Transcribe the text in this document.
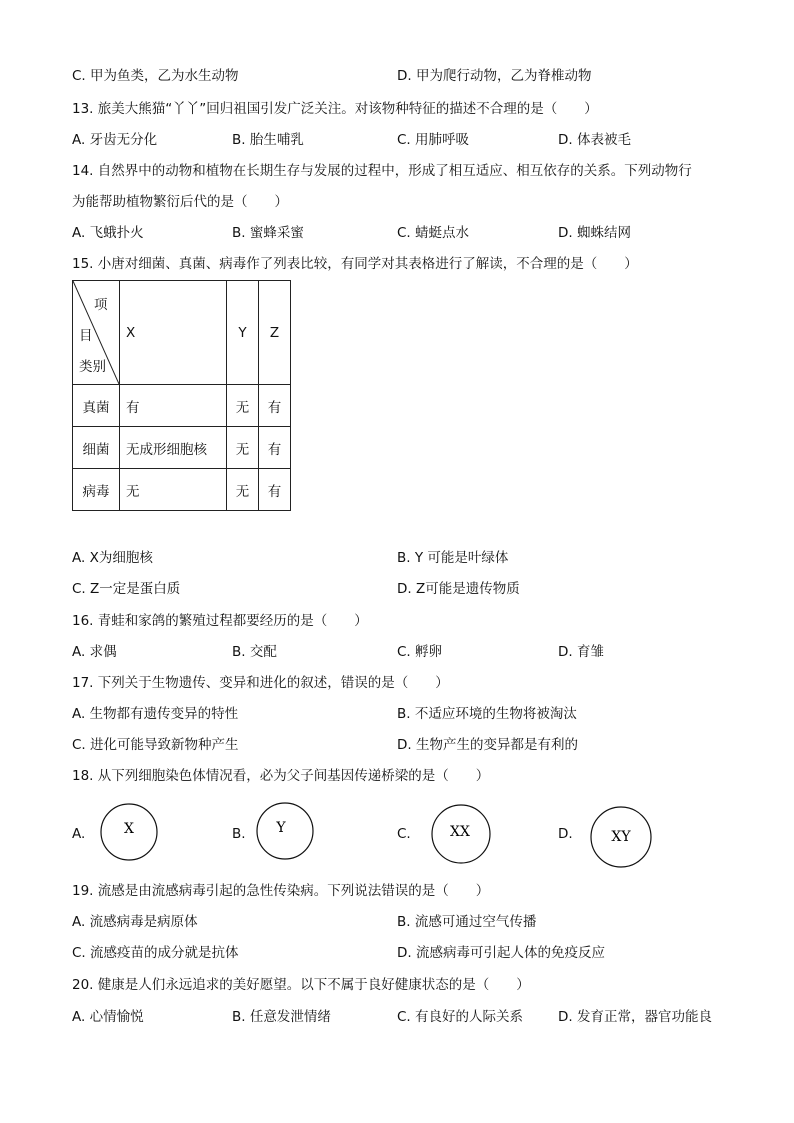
C. 甲为鱼类，乙为水生动物	D. 甲为爬行动物，乙为脊椎动物
13. 旅美大熊猫“丫丫”回归祖国引发广泛关注。对该物种特征的描述不合理的是（　　）
A. 牙齿无分化	B. 胎生哺乳	C. 用肺呼吸	D. 体表被毛
14. 自然界中的动物和植物在长期生存与发展的过程中，形成了相互适应、相互依存的关系。下列动物行
为能帮助植物繁衍后代的是（　　）
A. 飞蛾扑火	B. 蜜蜂采蜜	C. 蜻蜓点水	D. 蜘蛛结网
15. 小唐对细菌、真菌、病毒作了列表比较，有同学对其表格进行了解读，不合理的是（　　）
项
目
类别	X	Y	Z
真菌	有	无	有
细菌	无成形细胞核	无	有
病毒	无	无	有
A. X为细胞核	B. Y 可能是叶绿体
C. Z一定是蛋白质	D. Z可能是遗传物质
16. 青蛙和家鸽的繁殖过程都要经历的是（　　）
A. 求偶	B. 交配	C. 孵卵	D. 育雏
17. 下列关于生物遗传、变异和进化的叙述，错误的是（　　）
A. 生物都有遗传变异的特性	B. 不适应环境的生物将被淘汰
C. 进化可能导致新物种产生	D. 生物产生的变异都是有利的
18. 从下列细胞染色体情况看，必为父子间基因传递桥梁的是（　　）
A.	X	B. Y	C.	XX	D.	XY
19. 流感是由流感病毒引起的急性传染病。下列说法错误的是（　　）
A. 流感病毒是病原体	B. 流感可通过空气传播
C. 流感疫苗的成分就是抗体	D. 流感病毒可引起人体的免疫反应
20. 健康是人们永远追求的美好愿望。以下不属于良好健康状态的是（　　）
A. 心情愉悦	B. 任意发泄情绪	C. 有良好的人际关系	D. 发育正常，器官功能良
